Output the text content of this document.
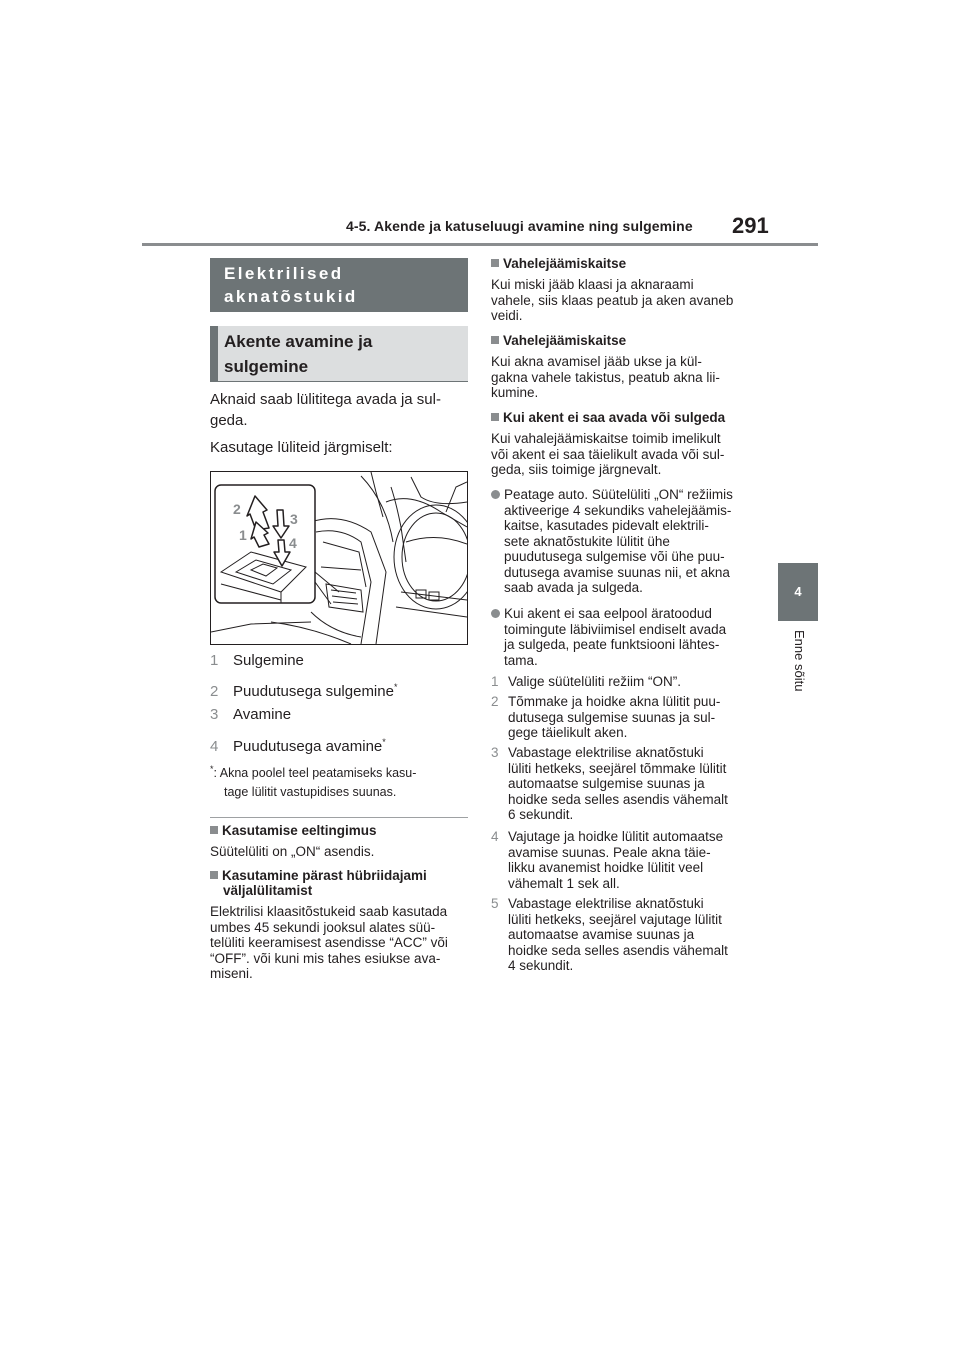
4-5. Akende ja katuseluugi avamine ning sulgemine 291
4
Enne sõitu
Elektrilised
aknatõstukid
Akente avamine ja
sulgemine

Aknaid saab lülititega avada ja sul-
geda.

Kasutage lüliteid järgmiselt:

2
3
1	4
1 Sulgemine
2 Puudutusega sulgemine*
3 Avamine
4 Puudutusega avamine*
*: Akna poolel teel peatamiseks kasu-
tage lülitit vastupidises suunas.
Kasutamise eeltingimus

Süütelüliti on „ON“ asendis.

Kasutamine pärast hübriidajami
väljalülitamist

Elektrilisi klaasitõstukeid saab kasutada
umbes 45 sekundi jooksul alates süü-
telüliti keeramisest asendisse “ACC” või
“OFF”. või kuni mis tahes esiukse ava-
miseni.

Vahelejäämiskaitse

Kui miski jääb klaasi ja aknaraami
vahele, siis klaas peatub ja aken avaneb
veidi.

Vahelejäämiskaitse

Kui akna avamisel jääb ukse ja kül-
gakna vahele takistus, peatub akna lii-
kumine.

Kui akent ei saa avada või sulgeda

Kui vahalejäämiskaitse toimib imelikult
või akent ei saa täielikult avada või sul-
geda, siis toimige järgnevalt.

Peatage auto. Süütelüliti „ON“ režiimis
aktiveerige 4 sekundiks vahelejäämis-
kaitse, kasutades pidevalt elektrili-
sete aknatõstukite lülitit ühe
puudutusega sulgemise või ühe puu-
dutusega avamise suunas nii, et akna
saab avada ja sulgeda.
Kui akent ei saa eelpool äratoodud
toimingute läbiviimisel endiselt avada
ja sulgeda, peate funktsiooni lähtes-
tama.
1 Valige süütelüliti režiim “ON”.
2 Tõmmake ja hoidke akna lülitit puu-
dutusega sulgemise suunas ja sul-
gege täielikult aken.
3 Vabastage elektrilise aknatõstuki
lüliti hetkeks, seejärel tõmmake lülitit
automaatse sulgemise suunas ja
hoidke seda selles asendis vähemalt
6 sekundit.
4 Vajutage ja hoidke lülitit automaatse
avamise suunas. Peale akna täie-
likku avanemist hoidke lülitit veel
vähemalt 1 sek all.
5 Vabastage elektrilise aknatõstuki
lüliti hetkeks, seejärel vajutage lülitit
automaatse avamise suunas ja
hoidke seda selles asendis vähemalt
4 sekundit.
